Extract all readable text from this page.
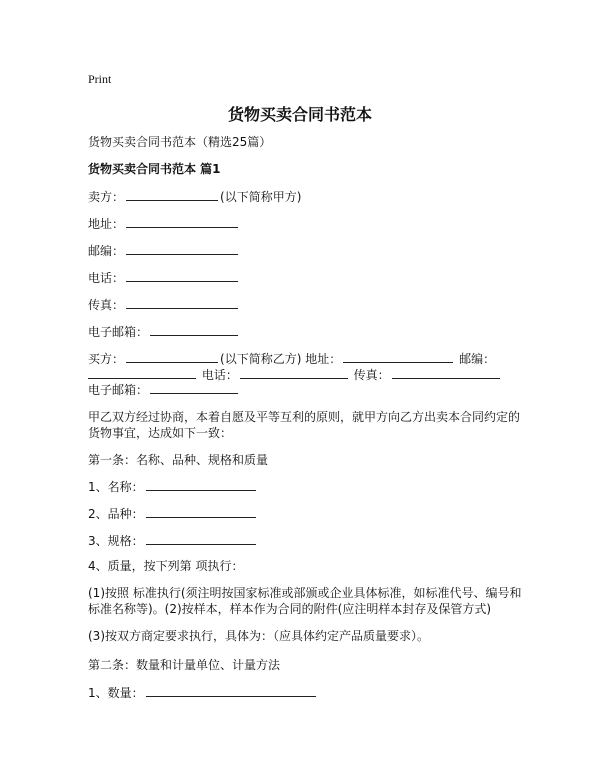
Print
货物买卖合同书范本
货物买卖合同书范本（精选25篇）
货物买卖合同书范本 篇1
卖方：	(以下简称甲方)
地址：
邮编：
电话：
传真：
电子邮箱：
买方：	(以下简称乙方) 地址：	邮编：
电话：	传真：
电子邮箱：
甲乙双方经过协商，本着自愿及平等互利的原则，就甲方向乙方出卖本合同约定的
货物事宜，达成如下一致：
第一条：名称、品种、规格和质量
1、名称：
2、品种：
3、规格：
4、质量，按下列第 项执行：
(1)按照 标准执行(须注明按国家标准或部颁或企业具体标准，如标准代号、编号和
标准名称等)。(2)按样本，样本作为合同的附件(应注明样本封存及保管方式)
(3)按双方商定要求执行，具体为：（应具体约定产品质量要求）。
第二条：数量和计量单位、计量方法
1、数量：
